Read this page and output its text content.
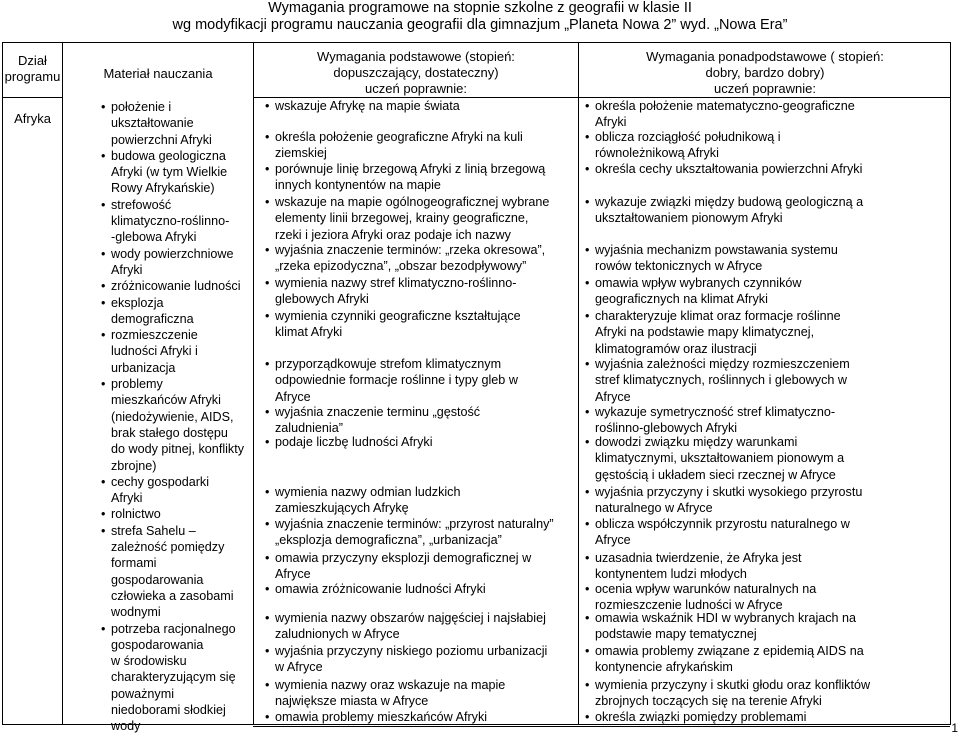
Wymagania programowe na stopnie szkolne z geografii w klasie II
wg modyfikacji programu nauczania geografii dla gimnazjum „Planeta Nowa 2” wyd. „Nowa Era”
Dział
programu	Materiał nauczania
Wymagania podstawowe (stopień:
dopuszczający, dostateczny)
uczeń poprawnie:
Wymagania ponadpodstawowe ( stopień:
dobry, bardzo dobry)
uczeń poprawnie:
Afryka
• położenie i
ukształtowanie
powierzchni Afryki
• budowa geologiczna
Afryki (w tym Wielkie
Rowy Afrykańskie)
• strefowość
klimatyczno-roślinno-
-glebowa Afryki
• wody powierzchniowe
Afryki
• zróżnicowanie ludności
• eksplozja
demograficzna
• rozmieszczenie
ludności Afryki i
urbanizacja
• problemy
mieszkańców Afryki
(niedożywienie, AIDS,
brak stałego dostępu
do wody pitnej, konflikty
zbrojne)
• cechy gospodarki
Afryki
• rolnictwo
• strefa Sahelu –
zależność pomiędzy
formami
gospodarowania
człowieka a zasobami
wodnymi
• potrzeba racjonalnego
gospodarowania
w środowisku
charakteryzującym się
poważnymi
niedoborami słodkiej
wody
• wskazuje Afrykę na mapie świata
• określa położenie geograficzne Afryki na kuli
ziemskiej
• porównuje linię brzegową Afryki z linią brzegową
innych kontynentów na mapie
• wskazuje na mapie ogólnogeograficznej wybrane
elementy linii brzegowej, krainy geograficzne,
rzeki i jeziora Afryki oraz podaje ich nazwy
• wyjaśnia znaczenie terminów: „rzeka okresowa”,
„rzeka epizodyczna”, „obszar bezodpływowy”
• wymienia nazwy stref klimatyczno-roślinno-
glebowych Afryki
• wymienia czynniki geograficzne kształtujące
klimat Afryki
• przyporządkowuje strefom klimatycznym
odpowiednie formacje roślinne i typy gleb w
Afryce
• wyjaśnia znaczenie terminu „gęstość
zaludnienia”
• podaje liczbę ludności Afryki
• wymienia nazwy odmian ludzkich
zamieszkujących Afrykę
• wyjaśnia znaczenie terminów: „przyrost naturalny”
„eksplozja demograficzna”, „urbanizacja”
• omawia przyczyny eksplozji demograficznej w
Afryce
• omawia zróżnicowanie ludności Afryki
• wymienia nazwy obszarów najgęściej i najsłabiej
zaludnionych w Afryce
• wyjaśnia przyczyny niskiego poziomu urbanizacji
w Afryce
• wymienia nazwy oraz wskazuje na mapie
największe miasta w Afryce
• omawia problemy mieszkańców Afryki
• określa położenie matematyczno-geograficzne
Afryki
• oblicza rozciągłość południkową i
równoleżnikową Afryki
• określa cechy ukształtowania powierzchni Afryki
• wykazuje związki między budową geologiczną a
ukształtowaniem pionowym Afryki
• wyjaśnia mechanizm powstawania systemu
rowów tektonicznych w Afryce
• omawia wpływ wybranych czynników
geograficznych na klimat Afryki
• charakteryzuje klimat oraz formacje roślinne
Afryki na podstawie mapy klimatycznej,
klimatogramów oraz ilustracji
• wyjaśnia zależności między rozmieszczeniem
stref klimatycznych, roślinnych i glebowych w
Afryce
• wykazuje symetryczność stref klimatyczno-
roślinno-glebowych Afryki
• dowodzi związku między warunkami
klimatycznymi, ukształtowaniem pionowym a
gęstością i układem sieci rzecznej w Afryce
• wyjaśnia przyczyny i skutki wysokiego przyrostu
naturalnego w Afryce
• oblicza współczynnik przyrostu naturalnego w
Afryce
• uzasadnia twierdzenie, że Afryka jest
kontynentem ludzi młodych
• ocenia wpływ warunków naturalnych na
rozmieszczenie ludności w Afryce
• omawia wskaźnik HDI w wybranych krajach na
podstawie mapy tematycznej
• omawia problemy związane z epidemią AIDS na
kontynencie afrykańskim
• wymienia przyczyny i skutki głodu oraz konfliktów
zbrojnych toczących się na terenie Afryki
• określa związki pomiędzy problemami
1
